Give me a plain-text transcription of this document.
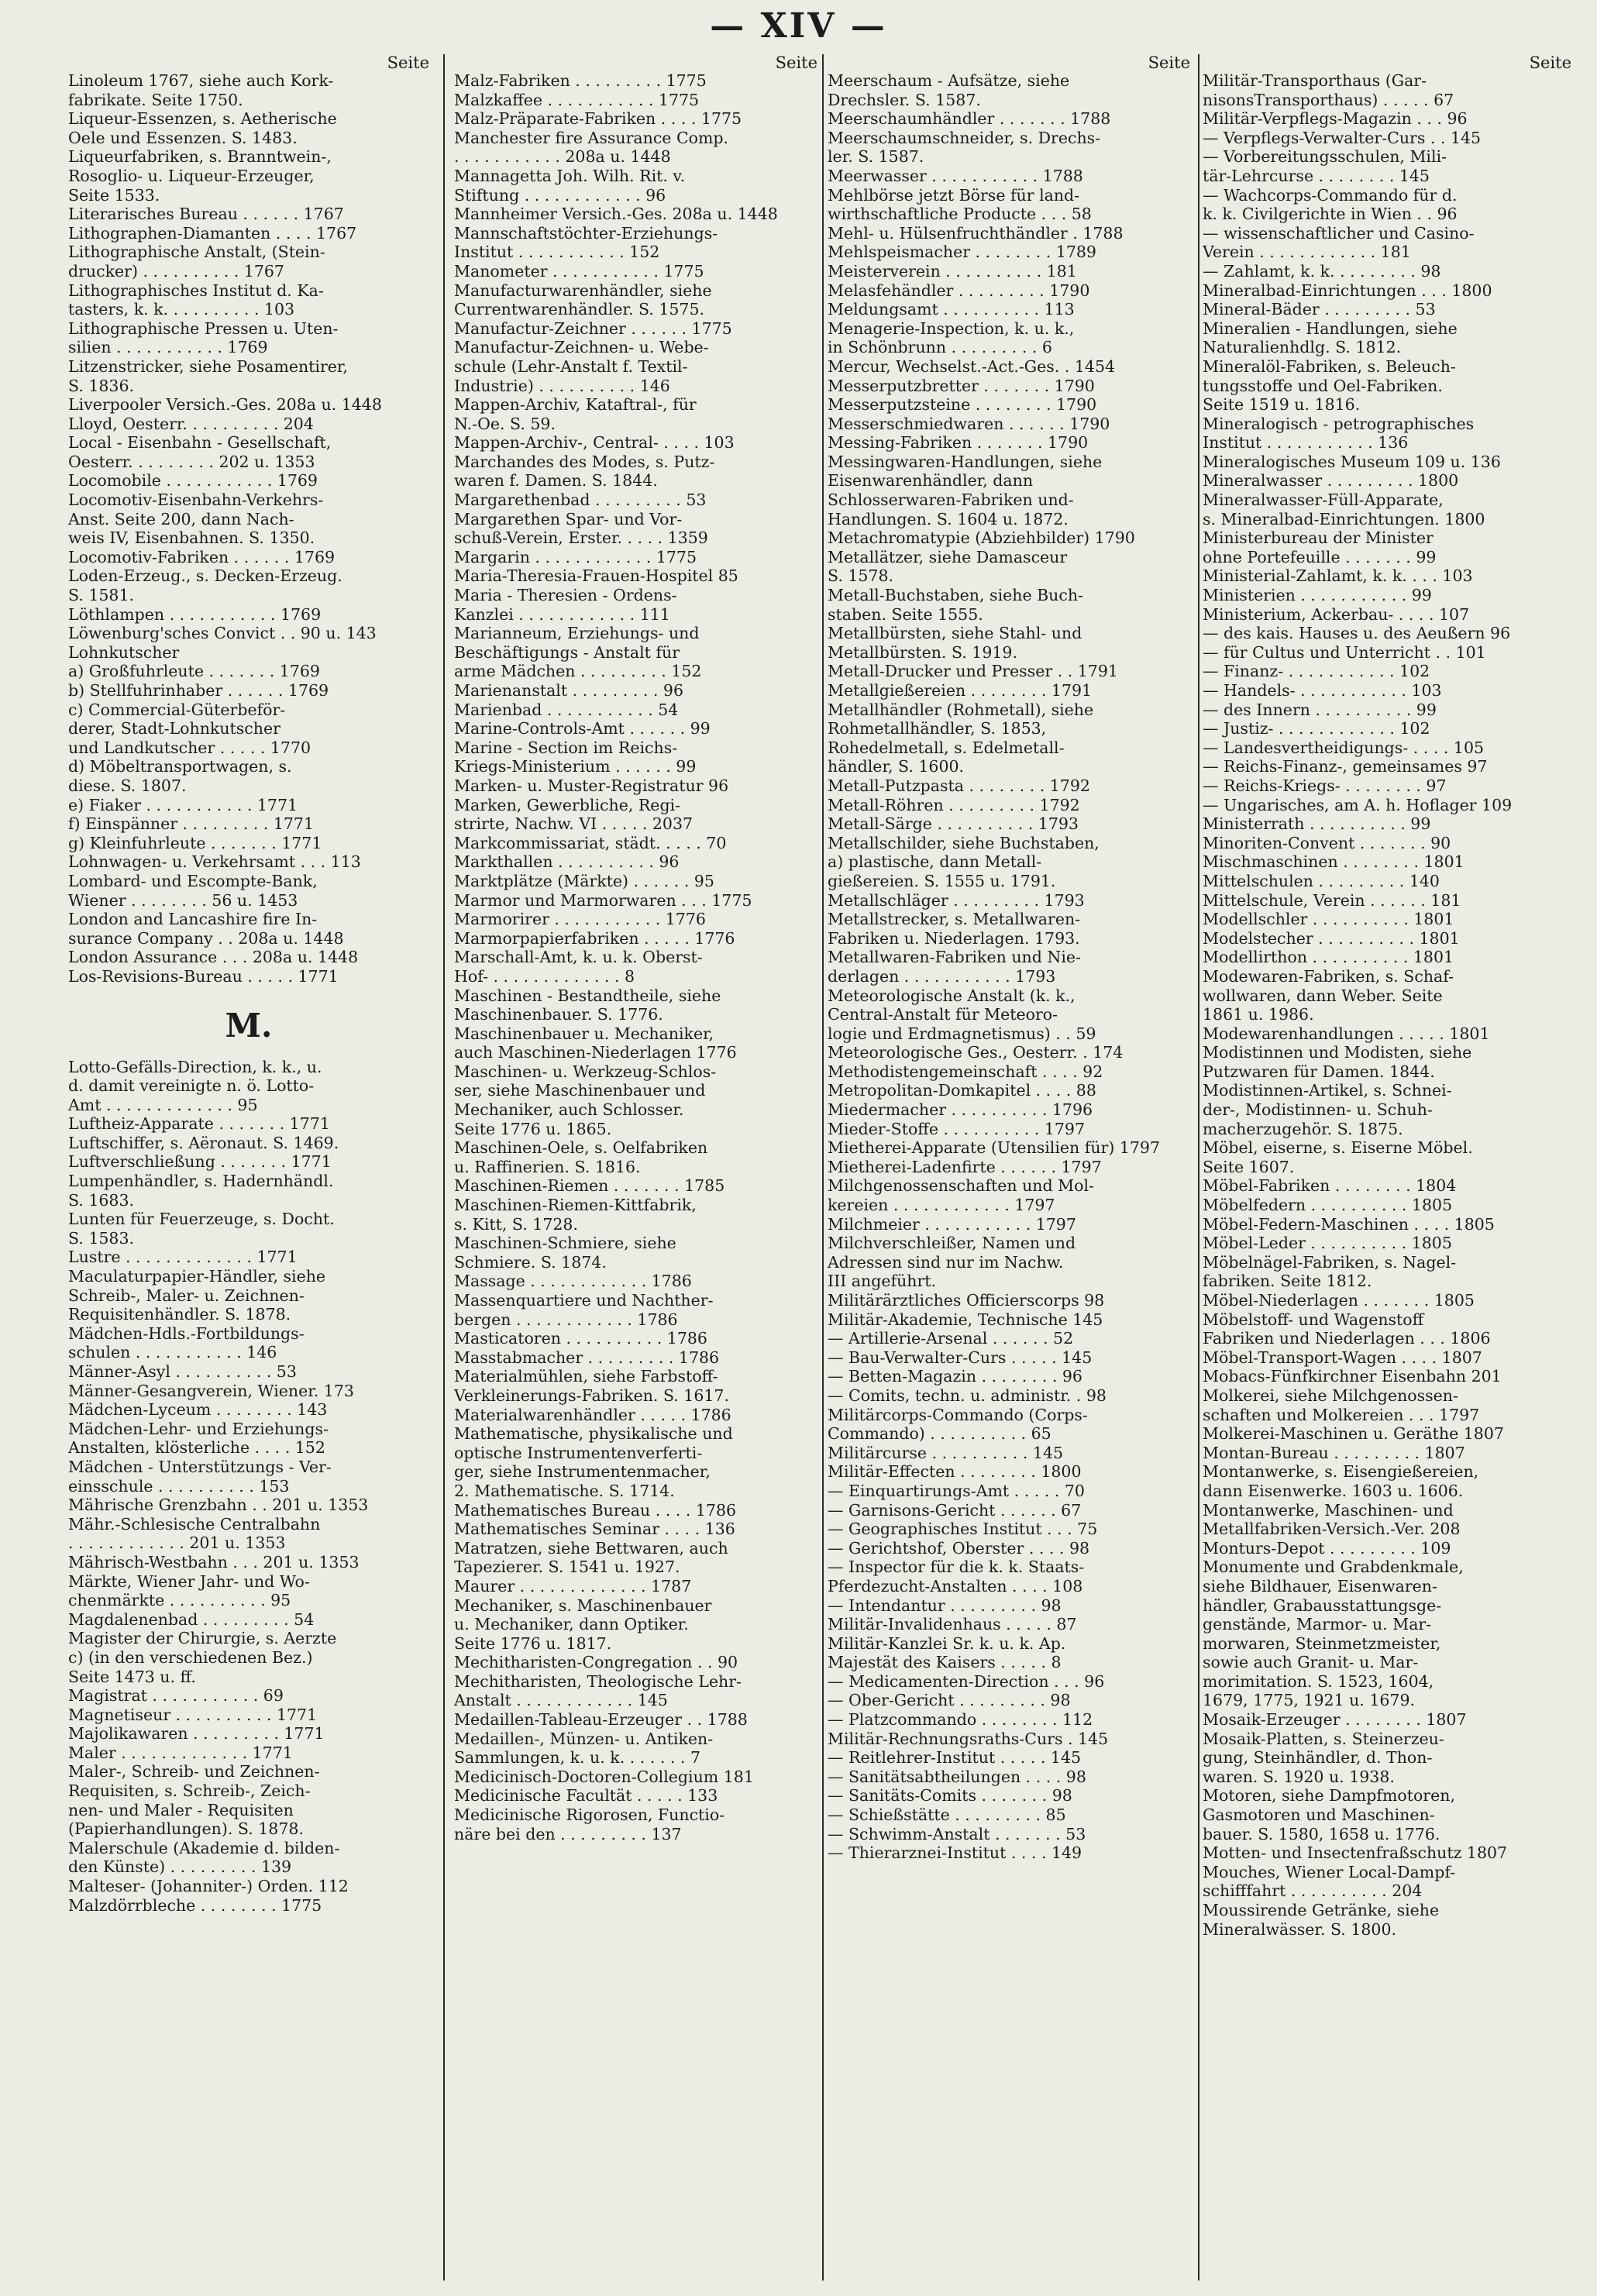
— XIV —
Seite
Linoleum 1767, siehe auch Kork-
fabrikate. Seite 1750.
Liqueur-Essenzen, s. Aetherische
Oele und Essenzen. S. 1483.
Liqueurfabriken, s. Branntwein-,
Rosoglio- u. Liqueur-Erzeuger,
Seite 1533.
Literarisches Bureau . . . . . . 1767
Lithographen-Diamanten . . . . 1767
Lithographische Anstalt, (Stein-
drucker) . . . . . . . . . . 1767
Lithographisches Institut d. Ka-
tasters, k. k. . . . . . . . . . 103
Lithographische Pressen u. Uten-
silien . . . . . . . . . . . 1769
Litzenstricker, siehe Posamentirer,
S. 1836.
Liverpooler Versich.-Ges. 208a u. 1448
Lloyd, Oesterr. . . . . . . . . . 204
Local - Eisenbahn - Gesellschaft,
Oesterr. . . . . . . . . 202 u. 1353
Locomobile . . . . . . . . . . . 1769
Locomotiv-Eisenbahn-Verkehrs-
Anst. Seite 200, dann Nach-
weis IV, Eisenbahnen. S. 1350.
Locomotiv-Fabriken . . . . . . 1769
Loden-Erzeug., s. Decken-Erzeug.
S. 1581.
Löthlampen . . . . . . . . . . . 1769
Löwenburg'sches Convict . . 90 u. 143
Lohnkutscher
a) Großfuhrleute . . . . . . . 1769
b) Stellfuhrinhaber . . . . . . 1769
c) Commercial-Güterbeför-
derer, Stadt-Lohnkutscher
und Landkutscher . . . . . 1770
d) Möbeltransportwagen, s.
diese. S. 1807.
e) Fiaker . . . . . . . . . . . 1771
f) Einspänner . . . . . . . . . 1771
g) Kleinfuhrleute . . . . . . . 1771
Lohnwagen- u. Verkehrsamt . . . 113
Lombard- und Escompte-Bank,
Wiener . . . . . . . . 56 u. 1453
London and Lancashire fire In-
surance Company . . 208a u. 1448
London Assurance . . . 208a u. 1448
Los-Revisions-Bureau . . . . . 1771
M.
Lotto-Gefälls-Direction, k. k., u.
d. damit vereinigte n. ö. Lotto-
Amt . . . . . . . . . . . . . 95
Luftheiz-Apparate . . . . . . . 1771
Luftschiffer, s. Aëronaut. S. 1469.
Luftverschließung . . . . . . . 1771
Lumpenhändler, s. Hadernhändl.
S. 1683.
Lunten für Feuerzeuge, s. Docht.
S. 1583.
Lustre . . . . . . . . . . . . . 1771
Maculaturpapier-Händler, siehe
Schreib-, Maler- u. Zeichnen-
Requisitenhändler. S. 1878.
Mädchen-Hdls.-Fortbildungs-
schulen . . . . . . . . . . . 146
Männer-Asyl . . . . . . . . . . 53
Männer-Gesangverein, Wiener. 173
Mädchen-Lyceum . . . . . . . . 143
Mädchen-Lehr- und Erziehungs-
Anstalten, klösterliche . . . . 152
Mädchen - Unterstützungs - Ver-
einsschule . . . . . . . . . . 153
Mährische Grenzbahn . . 201 u. 1353
Mähr.-Schlesische Centralbahn
. . . . . . . . . . . . 201 u. 1353
Mährisch-Westbahn . . . 201 u. 1353
Märkte, Wiener Jahr- und Wo-
chenmärkte . . . . . . . . . . 95
Magdalenenbad . . . . . . . . . 54
Magister der Chirurgie, s. Aerzte
c) (in den verschiedenen Bez.)
Seite 1473 u. ff.
Magistrat . . . . . . . . . . . 69
Magnetiseur . . . . . . . . . . 1771
Majolikawaren . . . . . . . . . 1771
Maler . . . . . . . . . . . . . 1771
Maler-, Schreib- und Zeichnen-
Requisiten, s. Schreib-, Zeich-
nen- und Maler - Requisiten
(Papierhandlungen). S. 1878.
Malerschule (Akademie d. bilden-
den Künste) . . . . . . . . . 139
Malteser- (Johanniter-) Orden. 112
Malzdörrbleche . . . . . . . . 1775
Seite
Malz-Fabriken . . . . . . . . . 1775
Malzkaffee . . . . . . . . . . . 1775
Malz-Präparate-Fabriken . . . . 1775
Manchester fire Assurance Comp.
. . . . . . . . . . . 208a u. 1448
Mannagetta Joh. Wilh. Rit. v.
Stiftung . . . . . . . . . . . . 96
Mannheimer Versich.-Ges. 208a u. 1448
Mannschaftstöchter-Erziehungs-
Institut . . . . . . . . . . . 152
Manometer . . . . . . . . . . . 1775
Manufacturwarenhändler, siehe
Currentwarenhändler. S. 1575.
Manufactur-Zeichner . . . . . . 1775
Manufactur-Zeichnen- u. Webe-
schule (Lehr-Anstalt f. Textil-
Industrie) . . . . . . . . . . 146
Mappen-Archiv, Kataftral-, für
N.-Oe. S. 59.
Mappen-Archiv-, Central- . . . . 103
Marchandes des Modes, s. Putz-
waren f. Damen. S. 1844.
Margarethenbad . . . . . . . . . 53
Margarethen Spar- und Vor-
schuß-Verein, Erster. . . . . 1359
Margarin . . . . . . . . . . . . 1775
Maria-Theresia-Frauen-Hospitel 85
Maria - Theresien - Ordens-
Kanzlei . . . . . . . . . . . . 111
Marianneum, Erziehungs- und
Beschäftigungs - Anstalt für
arme Mädchen . . . . . . . . . 152
Marienanstalt . . . . . . . . . 96
Marienbad . . . . . . . . . . . 54
Marine-Controls-Amt . . . . . . 99
Marine - Section im Reichs-
Kriegs-Ministerium . . . . . . 99
Marken- u. Muster-Registratur 96
Marken, Gewerbliche, Regi-
strirte, Nachw. VI . . . . . 2037
Markcommissariat, städt. . . . . 70
Markthallen . . . . . . . . . . 96
Marktplätze (Märkte) . . . . . . 95
Marmor und Marmorwaren . . . 1775
Marmorirer . . . . . . . . . . . 1776
Marmorpapierfabriken . . . . . 1776
Marschall-Amt, k. u. k. Oberst-
Hof- . . . . . . . . . . . . . 8
Maschinen - Bestandtheile, siehe
Maschinenbauer. S. 1776.
Maschinenbauer u. Mechaniker,
auch Maschinen-Niederlagen 1776
Maschinen- u. Werkzeug-Schlos-
ser, siehe Maschinenbauer und
Mechaniker, auch Schlosser.
Seite 1776 u. 1865.
Maschinen-Oele, s. Oelfabriken
u. Raffinerien. S. 1816.
Maschinen-Riemen . . . . . . . 1785
Maschinen-Riemen-Kittfabrik,
s. Kitt, S. 1728.
Maschinen-Schmiere, siehe
Schmiere. S. 1874.
Massage . . . . . . . . . . . . 1786
Massenquartiere und Nachther-
bergen . . . . . . . . . . . . 1786
Masticatoren . . . . . . . . . . 1786
Masstabmacher . . . . . . . . . 1786
Materialmühlen, siehe Farbstoff-
Verkleinerungs-Fabriken. S. 1617.
Materialwarenhändler . . . . . 1786
Mathematische, physikalische und
optische Instrumentenverferti-
ger, siehe Instrumentenmacher,
2. Mathematische. S. 1714.
Mathematisches Bureau . . . . 1786
Mathematisches Seminar . . . . 136
Matratzen, siehe Bettwaren, auch
Tapezierer. S. 1541 u. 1927.
Maurer . . . . . . . . . . . . . 1787
Mechaniker, s. Maschinenbauer
u. Mechaniker, dann Optiker.
Seite 1776 u. 1817.
Mechitharisten-Congregation . . 90
Mechitharisten, Theologische Lehr-
Anstalt . . . . . . . . . . . . 145
Medaillen-Tableau-Erzeuger . . 1788
Medaillen-, Münzen- u. Antiken-
Sammlungen, k. u. k. . . . . . . 7
Medicinisch-Doctoren-Collegium 181
Medicinische Facultät . . . . . 133
Medicinische Rigorosen, Functio-
näre bei den . . . . . . . . . 137
Seite
Meerschaum - Aufsätze, siehe
Drechsler. S. 1587.
Meerschaumhändler . . . . . . . 1788
Meerschaumschneider, s. Drechs-
ler. S. 1587.
Meerwasser . . . . . . . . . . . 1788
Mehlbörse jetzt Börse für land-
wirthschaftliche Producte . . . 58
Mehl- u. Hülsenfruchthändler . 1788
Mehlspeismacher . . . . . . . . 1789
Meisterverein . . . . . . . . . . 181
Melasfehändler . . . . . . . . . 1790
Meldungsamt . . . . . . . . . . 113
Menagerie-Inspection, k. u. k.,
in Schönbrunn . . . . . . . . . 6
Mercur, Wechselst.-Act.-Ges. . 1454
Messerputzbretter . . . . . . . 1790
Messerputzsteine . . . . . . . . 1790
Messerschmiedwaren . . . . . . 1790
Messing-Fabriken . . . . . . . 1790
Messingwaren-Handlungen, siehe
Eisenwarenhändler, dann
Schlosserwaren-Fabriken und-
Handlungen. S. 1604 u. 1872.
Metachromatypie (Abziehbilder) 1790
Metallätzer, siehe Damasceur
S. 1578.
Metall-Buchstaben, siehe Buch-
staben. Seite 1555.
Metallbürsten, siehe Stahl- und
Metallbürsten. S. 1919.
Metall-Drucker und Presser . . 1791
Metallgießereien . . . . . . . . 1791
Metallhändler (Rohmetall), siehe
Rohmetallhändler, S. 1853,
Rohedelmetall, s. Edelmetall-
händler, S. 1600.
Metall-Putzpasta . . . . . . . . 1792
Metall-Röhren . . . . . . . . . 1792
Metall-Särge . . . . . . . . . . 1793
Metallschilder, siehe Buchstaben,
a) plastische, dann Metall-
gießereien. S. 1555 u. 1791.
Metallschläger . . . . . . . . . 1793
Metallstrecker, s. Metallwaren-
Fabriken u. Niederlagen. 1793.
Metallwaren-Fabriken und Nie-
derlagen . . . . . . . . . . . 1793
Meteorologische Anstalt (k. k.,
Central-Anstalt für Meteoro-
logie und Erdmagnetismus) . . 59
Meteorologische Ges., Oesterr. . 174
Methodistengemeinschaft . . . . 92
Metropolitan-Domkapitel . . . . 88
Miedermacher . . . . . . . . . . 1796
Mieder-Stoffe . . . . . . . . . . 1797
Mietherei-Apparate (Utensilien für) 1797
Mietherei-Ladenfirte . . . . . . 1797
Milchgenossenschaften und Mol-
kereien . . . . . . . . . . . . 1797
Milchmeier . . . . . . . . . . . 1797
Milchverschleißer, Namen und
Adressen sind nur im Nachw.
III angeführt.
Militärärztliches Officierscorps 98
Militär-Akademie, Technische 145
— Artillerie-Arsenal . . . . . . 52
— Bau-Verwalter-Curs . . . . . 145
— Betten-Magazin . . . . . . . . 96
— Comits, techn. u. administr. . 98
Militärcorps-Commando (Corps-
Commando) . . . . . . . . . . 65
Militärcurse . . . . . . . . . . 145
Militär-Effecten . . . . . . . . 1800
— Einquartirungs-Amt . . . . . 70
— Garnisons-Gericht . . . . . . 67
— Geographisches Institut . . . 75
— Gerichtshof, Oberster . . . . 98
— Inspector für die k. k. Staats-
Pferdezucht-Anstalten . . . . 108
— Intendantur . . . . . . . . . 98
Militär-Invalidenhaus . . . . . 87
Militär-Kanzlei Sr. k. u. k. Ap.
Majestät des Kaisers . . . . . 8
— Medicamenten-Direction . . . 96
— Ober-Gericht . . . . . . . . . 98
— Platzcommando . . . . . . . . 112
Militär-Rechnungsraths-Curs . 145
— Reitlehrer-Institut . . . . . 145
— Sanitätsabtheilungen . . . . 98
— Sanitäts-Comits . . . . . . . 98
— Schießstätte . . . . . . . . . 85
— Schwimm-Anstalt . . . . . . . 53
— Thierarznei-Institut . . . . 149
Seite
Militär-Transporthaus (Gar-
nisonsTransporthaus) . . . . . 67
Militär-Verpflegs-Magazin . . . 96
— Verpflegs-Verwalter-Curs . . 145
— Vorbereitungsschulen, Mili-
tär-Lehrcurse . . . . . . . . 145
— Wachcorps-Commando für d.
k. k. Civilgerichte in Wien . . 96
— wissenschaftlicher und Casino-
Verein . . . . . . . . . . . . 181
— Zahlamt, k. k. . . . . . . . . 98
Mineralbad-Einrichtungen . . . 1800
Mineral-Bäder . . . . . . . . . 53
Mineralien - Handlungen, siehe
Naturalienhdlg. S. 1812.
Mineralöl-Fabriken, s. Beleuch-
tungsstoffe und Oel-Fabriken.
Seite 1519 u. 1816.
Mineralogisch - petrographisches
Institut . . . . . . . . . . . 136
Mineralogisches Museum 109 u. 136
Mineralwasser . . . . . . . . . 1800
Mineralwasser-Füll-Apparate,
s. Mineralbad-Einrichtungen. 1800
Ministerbureau der Minister
ohne Portefeuille . . . . . . . 99
Ministerial-Zahlamt, k. k. . . . 103
Ministerien . . . . . . . . . . . 99
Ministerium, Ackerbau- . . . . 107
— des kais. Hauses u. des Aeußern 96
— für Cultus und Unterricht . . 101
— Finanz- . . . . . . . . . . . 102
— Handels- . . . . . . . . . . . 103
— des Innern . . . . . . . . . . 99
— Justiz- . . . . . . . . . . . . 102
— Landesvertheidigungs- . . . . 105
— Reichs-Finanz-, gemeinsames 97
— Reichs-Kriegs- . . . . . . . . 97
— Ungarisches, am A. h. Hoflager 109
Ministerrath . . . . . . . . . . 99
Minoriten-Convent . . . . . . . 90
Mischmaschinen . . . . . . . . 1801
Mittelschulen . . . . . . . . . 140
Mittelschule, Verein . . . . . . 181
Modellschler . . . . . . . . . . 1801
Modelstecher . . . . . . . . . . 1801
Modellirthon . . . . . . . . . . 1801
Modewaren-Fabriken, s. Schaf-
wollwaren, dann Weber. Seite
1861 u. 1986.
Modewarenhandlungen . . . . . 1801
Modistinnen und Modisten, siehe
Putzwaren für Damen. 1844.
Modistinnen-Artikel, s. Schnei-
der-, Modistinnen- u. Schuh-
macherzugehör. S. 1875.
Möbel, eiserne, s. Eiserne Möbel.
Seite 1607.
Möbel-Fabriken . . . . . . . . 1804
Möbelfedern . . . . . . . . . . 1805
Möbel-Federn-Maschinen . . . . 1805
Möbel-Leder . . . . . . . . . . 1805
Möbelnägel-Fabriken, s. Nagel-
fabriken. Seite 1812.
Möbel-Niederlagen . . . . . . . 1805
Möbelstoff- und Wagenstoff
Fabriken und Niederlagen . . . 1806
Möbel-Transport-Wagen . . . . 1807
Mobacs-Fünfkirchner Eisenbahn 201
Molkerei, siehe Milchgenossen-
schaften und Molkereien . . . 1797
Molkerei-Maschinen u. Geräthe 1807
Montan-Bureau . . . . . . . . . 1807
Montanwerke, s. Eisengießereien,
dann Eisenwerke. 1603 u. 1606.
Montanwerke, Maschinen- und
Metallfabriken-Versich.-Ver. 208
Monturs-Depot . . . . . . . . . 109
Monumente und Grabdenkmale,
siehe Bildhauer, Eisenwaren-
händler, Grabausstattungsge-
genstände, Marmor- u. Mar-
morwaren, Steinmetzmeister,
sowie auch Granit- u. Mar-
morimitation. S. 1523, 1604,
1679, 1775, 1921 u. 1679.
Mosaik-Erzeuger . . . . . . . . 1807
Mosaik-Platten, s. Steinerzeu-
gung, Steinhändler, d. Thon-
waren. S. 1920 u. 1938.
Motoren, siehe Dampfmotoren,
Gasmotoren und Maschinen-
bauer. S. 1580, 1658 u. 1776.
Motten- und Insectenfraßschutz 1807
Mouches, Wiener Local-Dampf-
schifffahrt . . . . . . . . . . 204
Moussirende Getränke, siehe
Mineralwässer. S. 1800.
